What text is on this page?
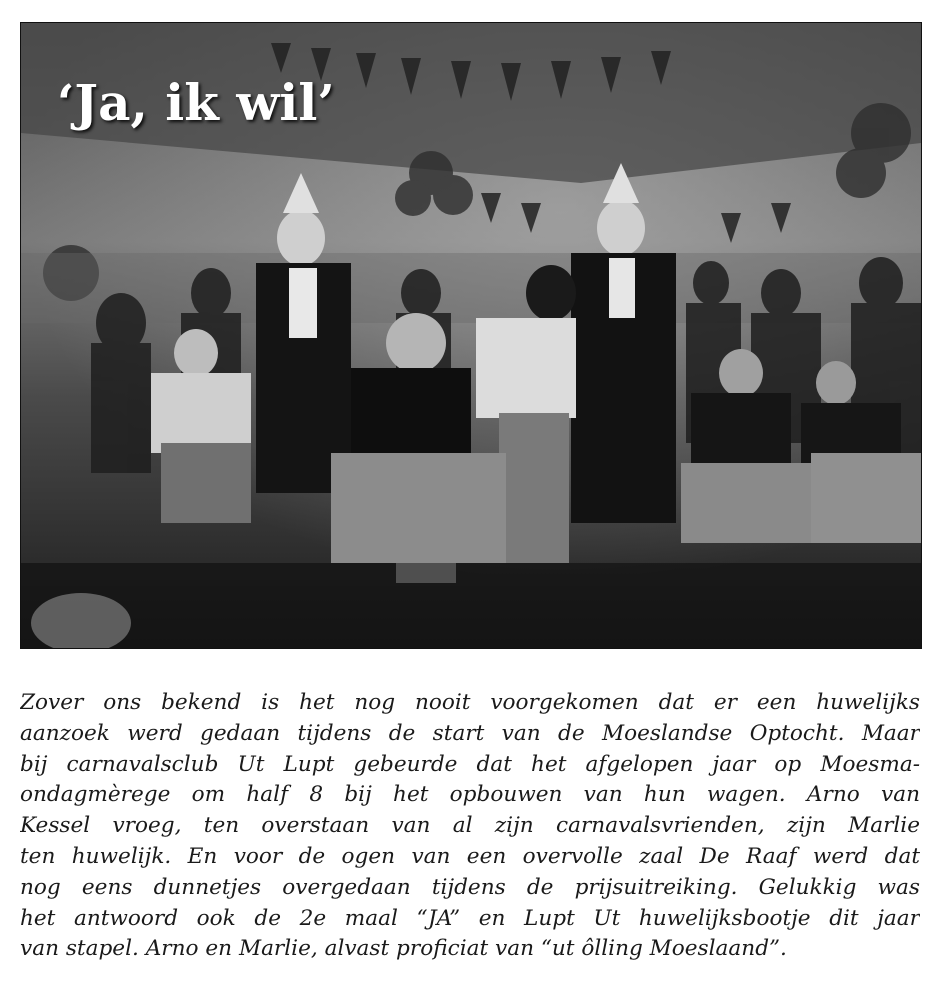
‘Ja, ik wil’

Zover ons bekend is het nog nooit voorgekomen dat er een huwelijks
aanzoek werd gedaan tijdens de start van de Moeslandse Optocht. Maar
bij carnavalsclub Ut Lupt gebeurde dat het afgelopen jaar op Moesma-
ondagmèrege om half 8 bij het opbouwen van hun wagen. Arno van
Kessel vroeg, ten overstaan van al zijn carnavalsvrienden, zijn Marlie
ten huwelijk. En voor de ogen van een overvolle zaal De Raaf werd dat
nog eens dunnetjes overgedaan tijdens de prijsuitreiking. Gelukkig was
het antwoord ook de 2e maal “JA” en Lupt Ut huwelijksbootje dit jaar
van stapel. Arno en Marlie, alvast proficiat van “ut ôlling Moeslaand”.
